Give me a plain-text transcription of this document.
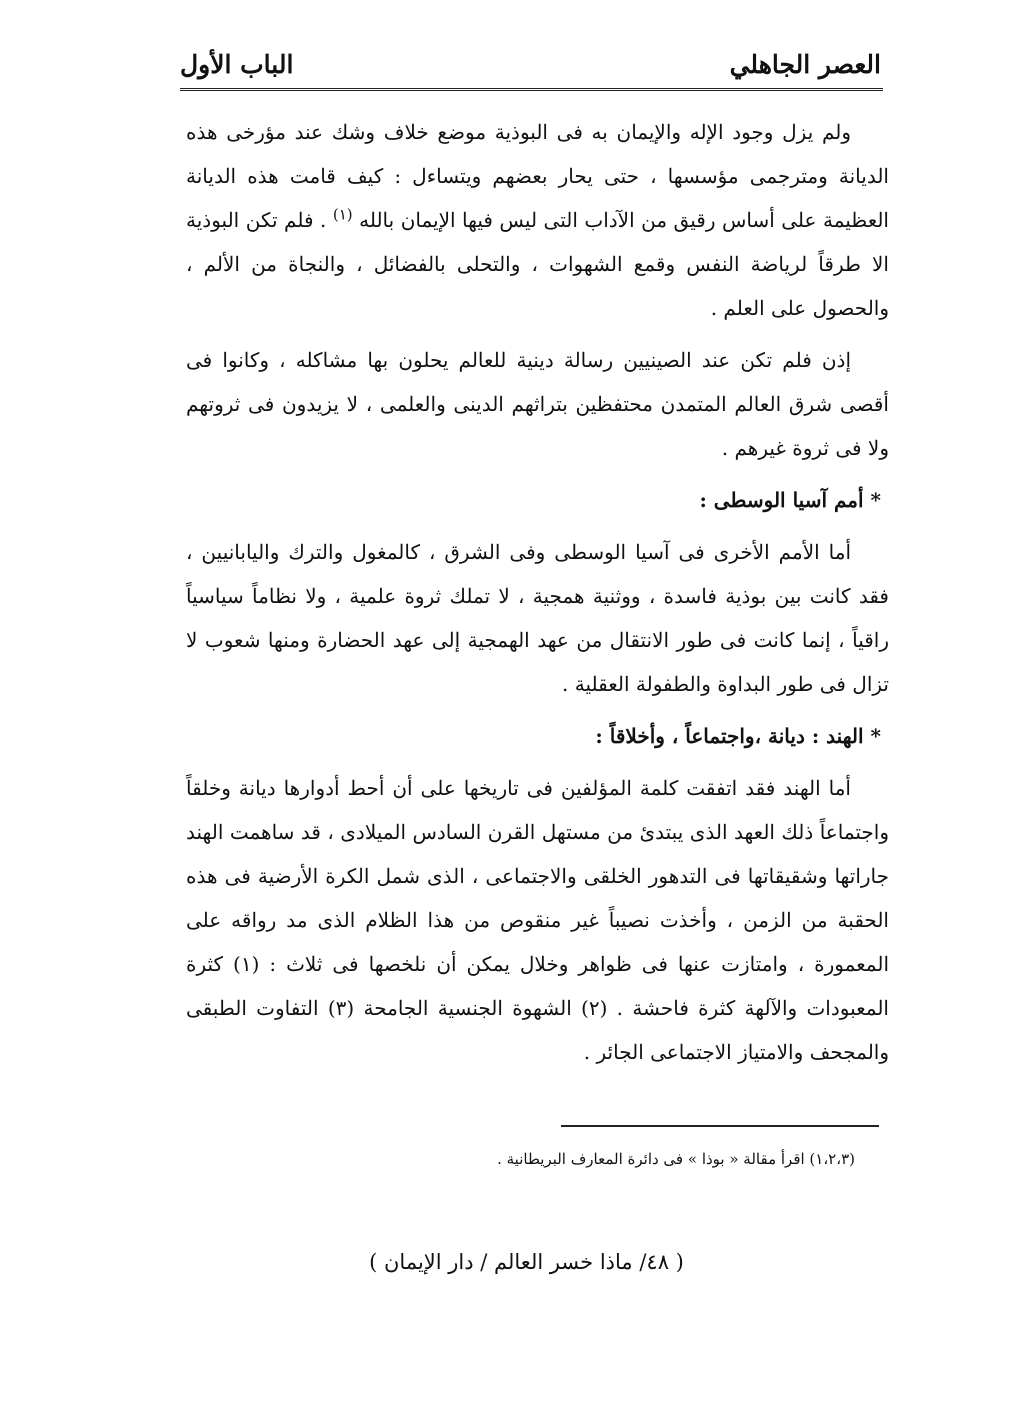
العصر الجاهلي
الباب الأول

ولم يزل وجود الإله والإيمان به فى البوذية موضع خلاف وشك عند مؤرخى هذه الديانة ومترجمى مؤسسها ، حتى يحار بعضهم ويتساءل : كيف قامت هذه الديانة العظيمة على أساس رقيق من الآداب التى ليس فيها الإيمان بالله $^{(١)}$ . فلم تكن البوذية الا طرقاً لرياضة النفس وقمع الشهوات ، والتحلى بالفضائل ، والنجاة من الألم ، والحصول على العلم .

إذن فلم تكن عند الصينيين رسالة دينية للعالم يحلون بها مشاكله ، وكانوا فى أقصى شرق العالم المتمدن محتفظين بتراثهم الدينى والعلمى ، لا يزيدون فى ثروتهم ولا فى ثروة غيرهم .

* أمم آسيا الوسطى :

أما الأمم الأخرى فى آسيا الوسطى وفى الشرق ، كالمغول والترك واليابانيين ، فقد كانت بين بوذية فاسدة ، ووثنية همجية ، لا تملك ثروة علمية ، ولا نظاماً سياسياً راقياً ، إنما كانت فى طور الانتقال من عهد الهمجية إلى عهد الحضارة ومنها شعوب لا تزال فى طور البداوة والطفولة العقلية .

* الهند : ديانة ،واجتماعاً ، وأخلاقاً :

أما الهند فقد اتفقت كلمة المؤلفين فى تاريخها على أن أحط أدوارها ديانة وخلقاً واجتماعاً ذلك العهد الذى يبتدئ من مستهل القرن السادس الميلادى ، قد ساهمت الهند جاراتها وشقيقاتها فى التدهور الخلقى والاجتماعى ، الذى شمل الكرة الأرضية فى هذه الحقبة من الزمن ، وأخذت نصيباً غير منقوص من هذا الظلام الذى مد رواقه على المعمورة ، وامتازت عنها فى ظواهر وخلال يمكن أن نلخصها فى ثلاث : (١) كثرة المعبودات والآلهة كثرة فاحشة . (٢) الشهوة الجنسية الجامحة (٣) التفاوت الطبقى والمجحف والامتياز الاجتماعى الجائر .

(١،٢،٣) اقرأ مقالة « بوذا » فى دائرة المعارف البريطانية .
( ٤٨/ ماذا خسر العالم / دار الإيمان )
